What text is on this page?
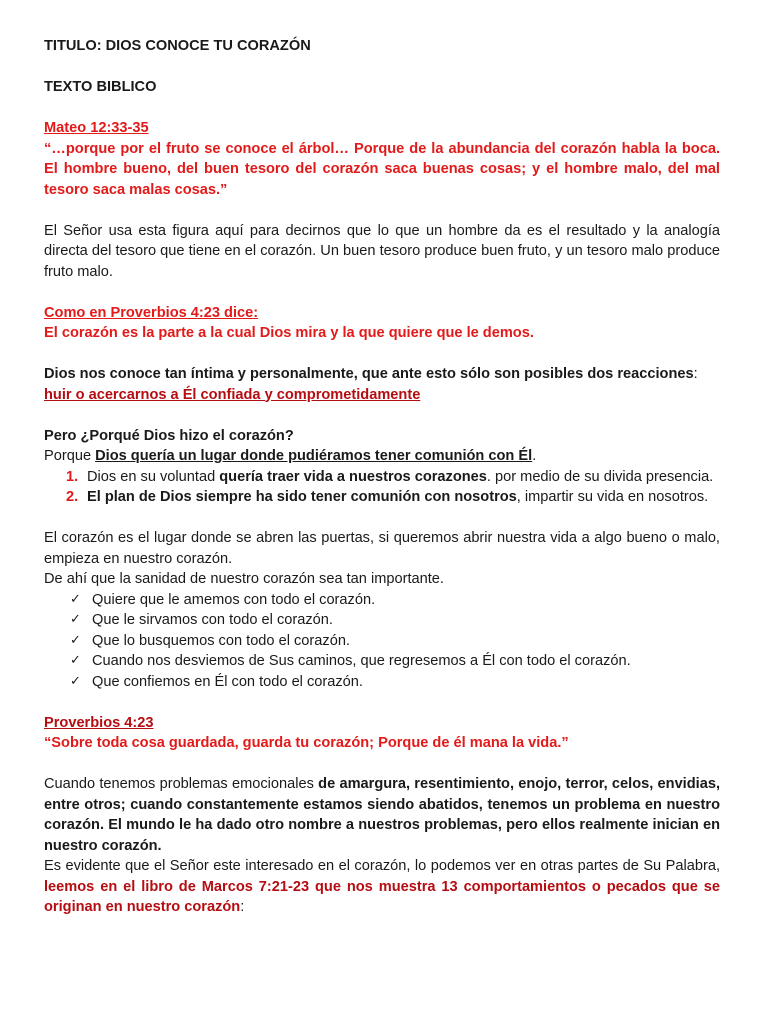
TITULO: DIOS CONOCE TU CORAZÓN

TEXTO BIBLICO

Mateo 12:33-35

“…porque por el fruto se conoce el árbol… Porque de la abundancia del corazón habla la boca. El hombre bueno, del buen tesoro del corazón saca buenas cosas; y el hombre malo, del mal tesoro saca malas cosas.”

El Señor usa esta figura aquí para decirnos que lo que un hombre da es el resultado y la analogía directa del tesoro que tiene en el corazón. Un buen tesoro produce buen fruto, y un tesoro malo produce fruto malo.

Como en Proverbios 4:23 dice:

El corazón es la parte a la cual Dios mira y la que quiere que le demos.

Dios nos conoce tan íntima y personalmente, que ante esto sólo son posibles dos reacciones:
huir o acercarnos a Él confiada y comprometidamente

Pero ¿Porqué Dios hizo el corazón?

Porque Dios quería un lugar donde pudiéramos tener comunión con Él.

1. Dios en su voluntad quería traer vida a nuestros corazones. por medio de su divida presencia.
2. El plan de Dios siempre ha sido tener comunión con nosotros, impartir su vida en nosotros.

El corazón es el lugar donde se abren las puertas, si queremos abrir nuestra vida a algo bueno o malo, empieza en nuestro corazón.

De ahí que la sanidad de nuestro corazón sea tan importante.

✓ Quiere que le amemos con todo el corazón.
✓ Que le sirvamos con todo el corazón.
✓ Que lo busquemos con todo el corazón.
✓ Cuando nos desviemos de Sus caminos, que regresemos a Él con todo el corazón.
✓ Que confiemos en Él con todo el corazón.

Proverbios 4:23

“Sobre toda cosa guardada, guarda tu corazón; Porque de él mana la vida.”

Cuando tenemos problemas emocionales de amargura, resentimiento, enojo, terror, celos, envidias, entre otros; cuando constantemente estamos siendo abatidos, tenemos un problema en nuestro corazón. El mundo le ha dado otro nombre a nuestros problemas, pero ellos realmente inician en nuestro corazón.

Es evidente que el Señor este interesado en el corazón, lo podemos ver en otras partes de Su Palabra, leemos en el libro de Marcos 7:21-23 que nos muestra 13 comportamientos o pecados que se originan en nuestro corazón:
